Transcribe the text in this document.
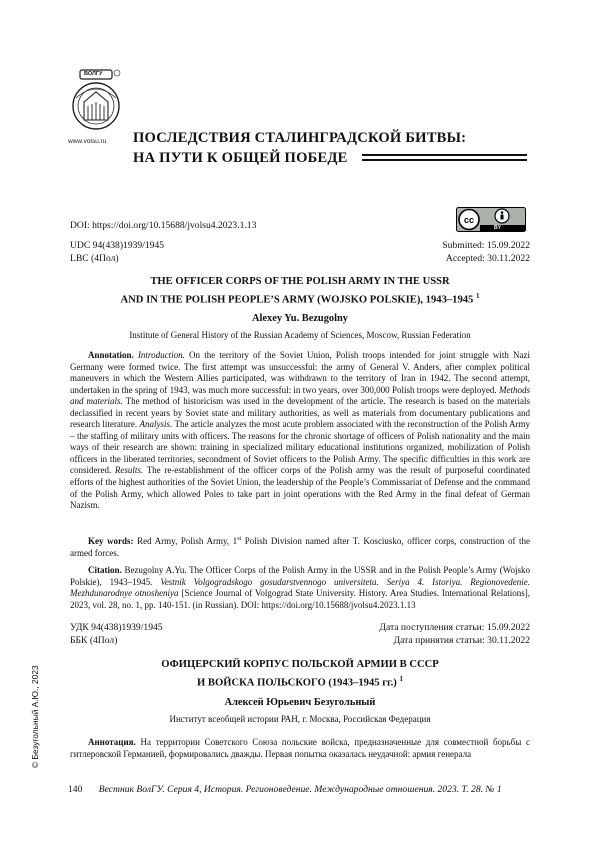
ВОЛГУ
www.volsu.ru ПОСЛЕДСТВИЯ СТАЛИНГРАДСКОЙ БИТВЫ:
НА ПУТИ К ОБЩЕЙ ПОБЕДЕ
DOI: https://doi.org/10.15688/jvolsu4.2023.1.13
UDC 94(438)1939/1945
LBC (4Пол)
Submitted: 15.09.2022
Accepted: 30.11.2022
cc
BY
THE OFFICER CORPS OF THE POLISH ARMY IN THE USSR
AND IN THE POLISH PEOPLE’S ARMY (WOJSKO POLSKIE), 1943–1945 $^1$
Alexey Yu. Bezugolny
Institute of General History of the Russian Academy of Sciences, Moscow, Russian Federation
Annotation. Introduction. On the territory of the Soviet Union, Polish troops intended for joint struggle with Nazi Germany were formed twice. The first attempt was unsuccessful: the army of General V. Anders, after complex political maneuvers in which the Western Allies participated, was withdrawn to the territory of Iran in 1942. The second attempt, undertaken in the spring of 1943, was much more successful: in two years, over 300,000 Polish troops were deployed. Methods and materials. The method of historicism was used in the development of the article. The research is based on the materials declassified in recent years by Soviet state and military authorities, as well as materials from documentary publications and research literature. Analysis. The article analyzes the most acute problem associated with the reconstruction of the Polish Army – the staffing of military units with officers. The reasons for the chronic shortage of officers of Polish nationality and the main ways of their research are shown: training in specialized military educational institutions organized, mobilization of Polish officers in the liberated territories, secondment of Soviet officers to the Polish Army. The specific difficulties in this work are considered. Results. The re-establishment of the officer corps of the Polish army was the result of purposeful coordinated efforts of the highest authorities of the Soviet Union, the leadership of the People’s Commissariat of Defense and the command of the Polish Army, which allowed Poles to take part in joint operations with the Red Army in the final defeat of German Nazism.
Key words: Red Army, Polish Army, 1st Polish Division named after T. Kosciusko, officer corps, construction of the armed forces.
Citation. Bezugolny A.Yu. The Officer Corps of the Polish Army in the USSR and in the Polish People’s Army (Wojsko Polskie), 1943–1945. Vestnik Volgogradskogo gosudarstvennogo universiteta. Seriya 4. Istoriya. Regionovedenie. Mezhdunarodnye otnosheniya [Science Journal of Volgograd State University. History. Area Studies. International Relations], 2023, vol. 28, no. 1, pp. 140-151. (in Russian). DOI: https://doi.org/10.15688/jvolsu4.2023.1.13
УДК 94(438)1939/1945
ББК (4Пол)
Дата поступления статьи: 15.09.2022
Дата принятия статьи: 30.11.2022
ОФИЦЕРСКИЙ КОРПУС ПОЛЬСКОЙ АРМИИ В СССР
И ВОЙСКА ПОЛЬСКОГО (1943–1945 гг.) $^1$
Алексей Юрьевич Безугольный
Институт всеобщей истории РАН, г. Москва, Российская Федерация
Аннотация. На территории Советского Союза польские войска, предназначенные для совместной борьбы с гитлеровской Германией, формировались дважды. Первая попытка оказалась неудачной: армия генерала
© Безугольный А.Ю., 2023
140 Вестник ВолГУ. Серия 4, История. Регионоведение. Международные отношения. 2023. Т. 28. № 1
